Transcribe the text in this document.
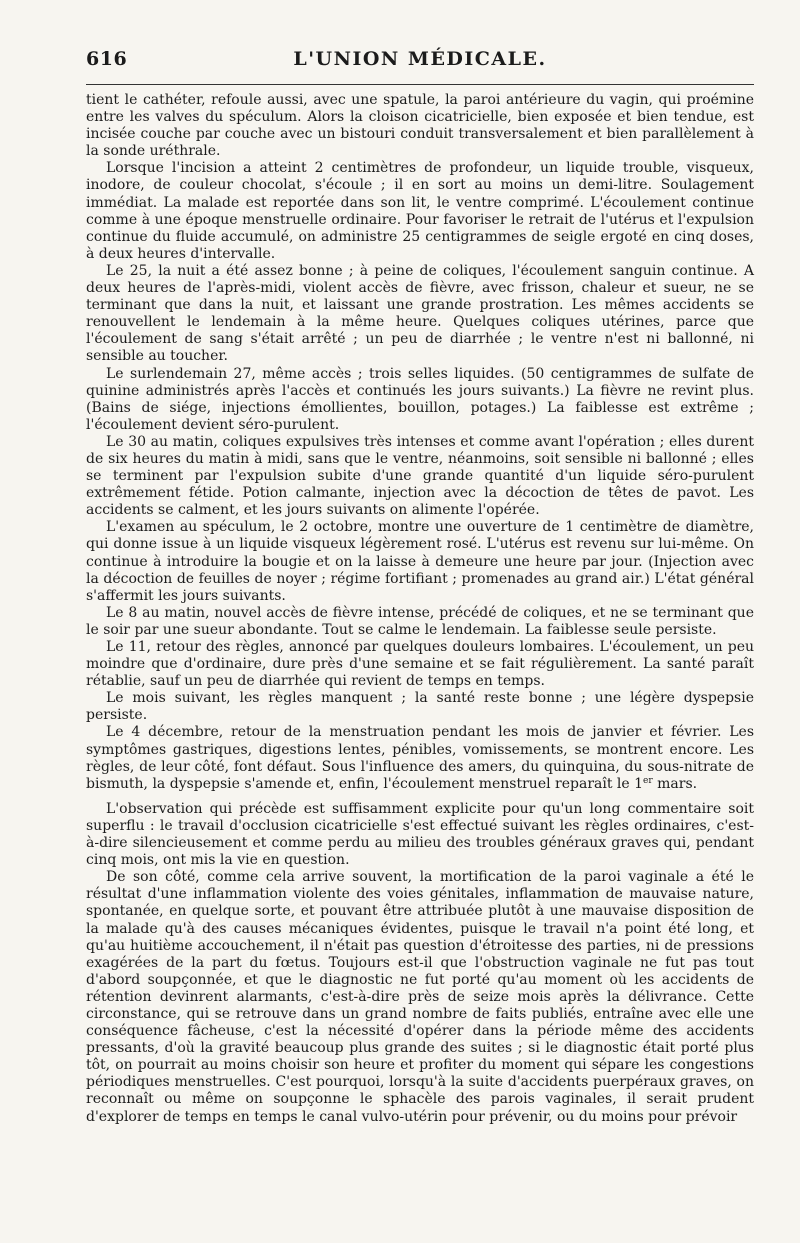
616	L'UNION MÉDICALE.

tient le cathéter, refoule aussi, avec une spatule, la paroi antérieure du vagin, qui proémine entre les valves du spéculum. Alors la cloison cicatricielle, bien exposée et bien tendue, est incisée couche par couche avec un bistouri conduit transversalement et bien parallèlement à la sonde uréthrale.

Lorsque l'incision a atteint 2 centimètres de profondeur, un liquide trouble, visqueux, inodore, de couleur chocolat, s'écoule ; il en sort au moins un demi-litre. Soulagement immédiat. La malade est reportée dans son lit, le ventre comprimé. L'écoulement continue comme à une époque menstruelle ordinaire. Pour favoriser le retrait de l'utérus et l'expulsion continue du fluide accumulé, on administre 25 centigrammes de seigle ergoté en cinq doses, à deux heures d'intervalle.

Le 25, la nuit a été assez bonne ; à peine de coliques, l'écoulement sanguin continue. A deux heures de l'après-midi, violent accès de fièvre, avec frisson, chaleur et sueur, ne se terminant que dans la nuit, et laissant une grande prostration. Les mêmes accidents se renouvellent le lendemain à la même heure. Quelques coliques utérines, parce que l'écoulement de sang s'était arrêté ; un peu de diarrhée ; le ventre n'est ni ballonné, ni sensible au toucher.

Le surlendemain 27, même accès ; trois selles liquides. (50 centigrammes de sulfate de quinine administrés après l'accès et continués les jours suivants.) La fièvre ne revint plus. (Bains de siége, injections émollientes, bouillon, potages.) La faiblesse est extrême ; l'écoulement devient séro-purulent.

Le 30 au matin, coliques expulsives très intenses et comme avant l'opération ; elles durent de six heures du matin à midi, sans que le ventre, néanmoins, soit sensible ni ballonné ; elles se terminent par l'expulsion subite d'une grande quantité d'un liquide séro-purulent extrêmement fétide. Potion calmante, injection avec la décoction de têtes de pavot. Les accidents se calment, et les jours suivants on alimente l'opérée.

L'examen au spéculum, le 2 octobre, montre une ouverture de 1 centimètre de diamètre, qui donne issue à un liquide visqueux légèrement rosé. L'utérus est revenu sur lui-même. On continue à introduire la bougie et on la laisse à demeure une heure par jour. (Injection avec la décoction de feuilles de noyer ; régime fortifiant ; promenades au grand air.) L'état général s'affermit les jours suivants.

Le 8 au matin, nouvel accès de fièvre intense, précédé de coliques, et ne se terminant que le soir par une sueur abondante. Tout se calme le lendemain. La faiblesse seule persiste.

Le 11, retour des règles, annoncé par quelques douleurs lombaires. L'écoulement, un peu moindre que d'ordinaire, dure près d'une semaine et se fait régulièrement. La santé paraît rétablie, sauf un peu de diarrhée qui revient de temps en temps.

Le mois suivant, les règles manquent ; la santé reste bonne ; une légère dyspepsie persiste.

Le 4 décembre, retour de la menstruation pendant les mois de janvier et février. Les symptômes gastriques, digestions lentes, pénibles, vomissements, se montrent encore. Les règles, de leur côté, font défaut. Sous l'influence des amers, du quinquina, du sous-nitrate de bismuth, la dyspepsie s'amende et, enfin, l'écoulement menstruel reparaît le 1er mars.

L'observation qui précède est suffisamment explicite pour qu'un long commentaire soit superflu : le travail d'occlusion cicatricielle s'est effectué suivant les règles ordinaires, c'est-à-dire silencieusement et comme perdu au milieu des troubles généraux graves qui, pendant cinq mois, ont mis la vie en question.

De son côté, comme cela arrive souvent, la mortification de la paroi vaginale a été le résultat d'une inflammation violente des voies génitales, inflammation de mauvaise nature, spontanée, en quelque sorte, et pouvant être attribuée plutôt à une mauvaise disposition de la malade qu'à des causes mécaniques évidentes, puisque le travail n'a point été long, et qu'au huitième accouchement, il n'était pas question d'étroitesse des parties, ni de pressions exagérées de la part du fœtus. Toujours est-il que l'obstruction vaginale ne fut pas tout d'abord soupçonnée, et que le diagnostic ne fut porté qu'au moment où les accidents de rétention devinrent alarmants, c'est-à-dire près de seize mois après la délivrance. Cette circonstance, qui se retrouve dans un grand nombre de faits publiés, entraîne avec elle une conséquence fâcheuse, c'est la nécessité d'opérer dans la période même des accidents pressants, d'où la gravité beaucoup plus grande des suites ; si le diagnostic était porté plus tôt, on pourrait au moins choisir son heure et profiter du moment qui sépare les congestions périodiques menstruelles. C'est pourquoi, lorsqu'à la suite d'accidents puerpéraux graves, on reconnaît ou même on soupçonne le sphacèle des parois vaginales, il serait prudent d'explorer de temps en temps le canal vulvo-utérin pour prévenir, ou du moins pour prévoir
